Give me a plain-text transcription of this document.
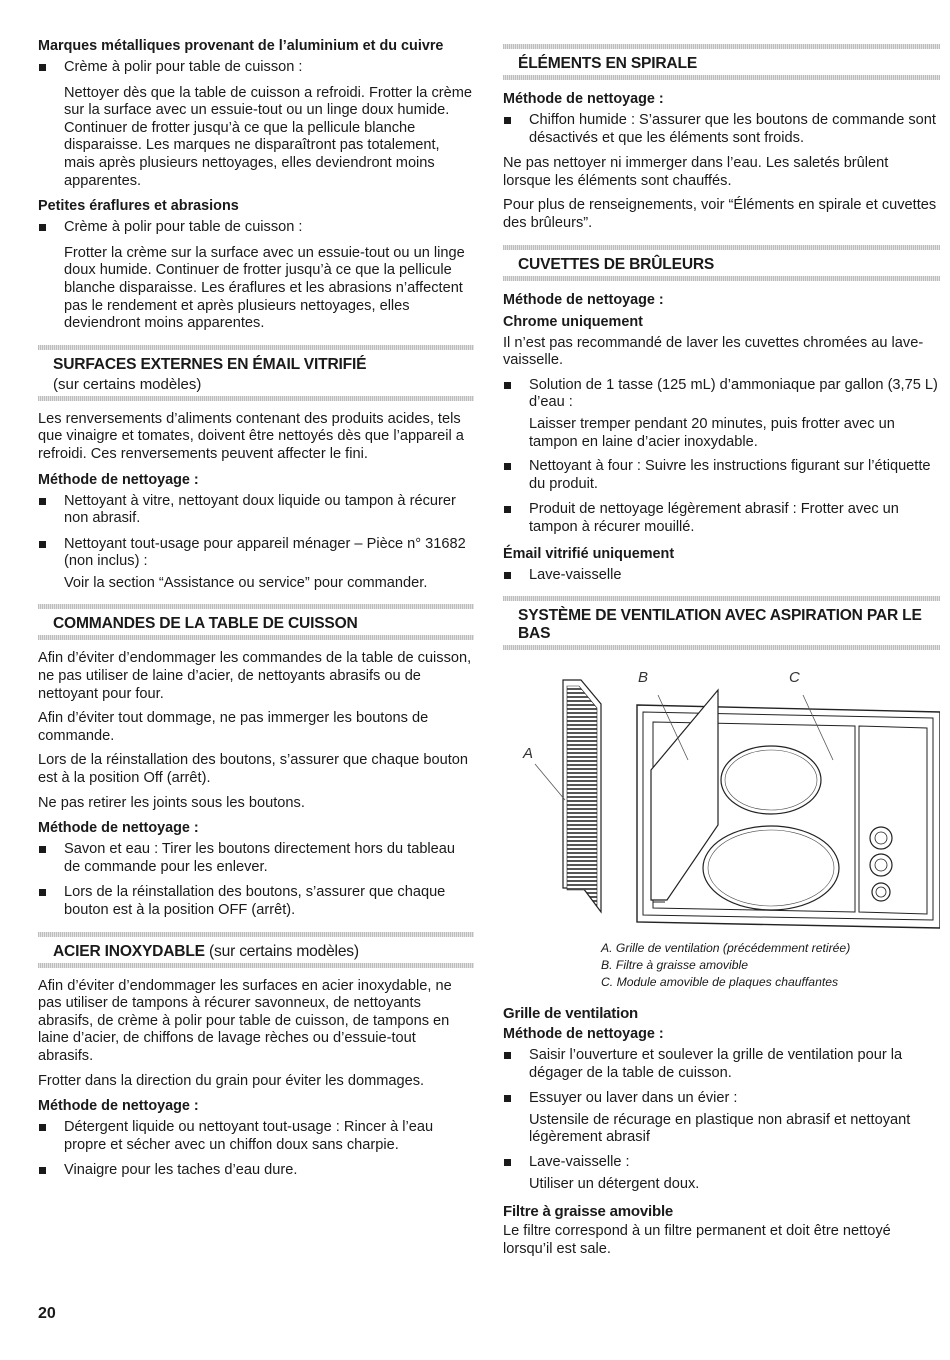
Marques métalliques provenant de l’aluminium et du cuivre
Crème à polir pour table de cuisson :

Nettoyer dès que la table de cuisson a refroidi. Frotter la crème sur la surface avec un essuie-tout ou un linge doux humide. Continuer de frotter jusqu’à ce que la pellicule blanche disparaisse. Les marques ne disparaîtront pas totalement, mais après plusieurs nettoyages, elles deviendront moins apparentes.

Petites éraflures et abrasions
Crème à polir pour table de cuisson :

Frotter la crème sur la surface avec un essuie-tout ou un linge doux humide. Continuer de frotter jusqu’à ce que la pellicule blanche disparaisse. Les éraflures et les abrasions n’affectent pas le rendement et après plusieurs nettoyages, elles deviendront moins apparentes.

SURFACES EXTERNES EN ÉMAIL VITRIFIÉ
(sur certains modèles)

Les renversements d’aliments contenant des produits acides, tels que vinaigre et tomates, doivent être nettoyés dès que l’appareil a refroidi. Ces renversements peuvent affecter le fini.

Méthode de nettoyage :
Nettoyant à vitre, nettoyant doux liquide ou tampon à récurer non abrasif.
Nettoyant tout-usage pour appareil ménager – Pièce n° 31682 (non inclus) :

Voir la section “Assistance ou service” pour commander.

COMMANDES DE LA TABLE DE CUISSON

Afin d’éviter d’endommager les commandes de la table de cuisson, ne pas utiliser de laine d’acier, de nettoyants abrasifs ou de nettoyant pour four.

Afin d’éviter tout dommage, ne pas immerger les boutons de commande.

Lors de la réinstallation des boutons, s’assurer que chaque bouton est à la position Off (arrêt).

Ne pas retirer les joints sous les boutons.

Méthode de nettoyage :
Savon et eau : Tirer les boutons directement hors du tableau de commande pour les enlever.
Lors de la réinstallation des boutons, s’assurer que chaque bouton est à la position OFF (arrêt).
ACIER INOXYDABLE (sur certains modèles)

Afin d’éviter d’endommager les surfaces en acier inoxydable, ne pas utiliser de tampons à récurer savonneux, de nettoyants abrasifs, de crème à polir pour table de cuisson, de tampons en laine d’acier, de chiffons de lavage rèches ou d’essuie-tout abrasifs.

Frotter dans la direction du grain pour éviter les dommages.

Méthode de nettoyage :
Détergent liquide ou nettoyant tout-usage : Rincer à l’eau propre et sécher avec un chiffon doux sans charpie.
Vinaigre pour les taches d’eau dure.
ÉLÉMENTS EN SPIRALE
Méthode de nettoyage :
Chiffon humide : S’assurer que les boutons de commande sont désactivés et que les éléments sont froids.

Ne pas nettoyer ni immerger dans l’eau. Les saletés brûlent lorsque les éléments sont chauffés.

Pour plus de renseignements, voir “Éléments en spirale et cuvettes des brûleurs”.

CUVETTES DE BRÛLEURS
Méthode de nettoyage :
Chrome uniquement

Il n’est pas recommandé de laver les cuvettes chromées au lave-vaisselle.

Solution de 1 tasse (125 mL) d’ammoniaque par gallon (3,75 L) d’eau :

Laisser tremper pendant 20 minutes, puis frotter avec un tampon en laine d’acier inoxydable.

Nettoyant à four : Suivre les instructions figurant sur l’étiquette du produit.
Produit de nettoyage légèrement abrasif : Frotter avec un tampon à récurer mouillé.
Émail vitrifié uniquement
Lave-vaisselle
SYSTÈME DE VENTILATION AVEC ASPIRATION PAR LE BAS
B	C
A
A. Grille de ventilation (précédemment retirée)
B. Filtre à graisse amovible
C. Module amovible de plaques chauffantes
Grille de ventilation
Méthode de nettoyage :
Saisir l’ouverture et soulever la grille de ventilation pour la dégager de la table de cuisson.
Essuyer ou laver dans un évier :

Ustensile de récurage en plastique non abrasif et nettoyant légèrement abrasif

Lave-vaisselle :

Utiliser un détergent doux.

Filtre à graisse amovible

Le filtre correspond à un filtre permanent et doit être nettoyé lorsqu’il est sale.

20
